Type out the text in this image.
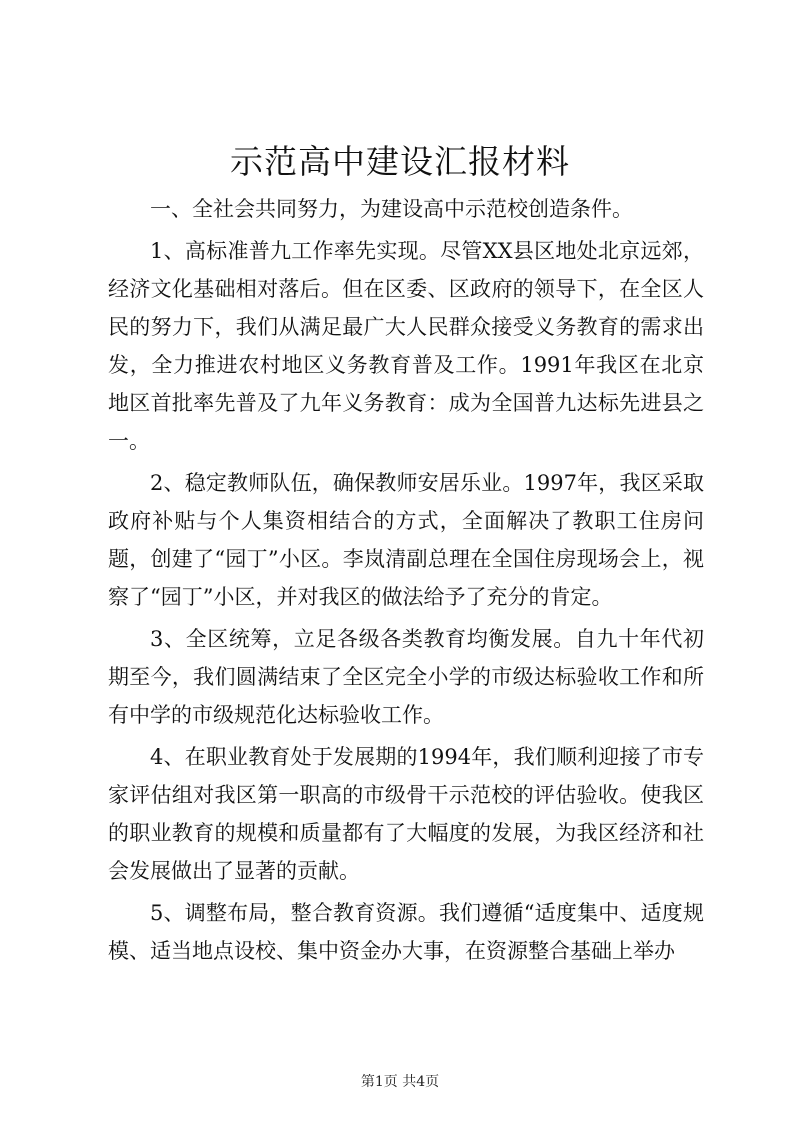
示范高中建设汇报材料

一、全社会共同努力，为建设高中示范校创造条件。

1、高标准普九工作率先实现。尽管XX县区地处北京远郊，经济文化基础相对落后。但在区委、区政府的领导下，在全区人民的努力下，我们从满足最广大人民群众接受义务教育的需求出发，全力推进农村地区义务教育普及工作。1991年我区在北京地区首批率先普及了九年义务教育：成为全国普九达标先进县之一。

2、稳定教师队伍，确保教师安居乐业。1997年，我区采取政府补贴与个人集资相结合的方式，全面解决了教职工住房问题，创建了“园丁”小区。李岚清副总理在全国住房现场会上，视察了“园丁”小区，并对我区的做法给予了充分的肯定。

3、全区统筹，立足各级各类教育均衡发展。自九十年代初期至今，我们圆满结束了全区完全小学的市级达标验收工作和所有中学的市级规范化达标验收工作。

4、在职业教育处于发展期的1994年，我们顺利迎接了市专家评估组对我区第一职高的市级骨干示范校的评估验收。使我区的职业教育的规模和质量都有了大幅度的发展，为我区经济和社会发展做出了显著的贡献。

5、调整布局，整合教育资源。我们遵循“适度集中、适度规模、适当地点设校、集中资金办大事，在资源整合基础上举办

第1页 共4页
